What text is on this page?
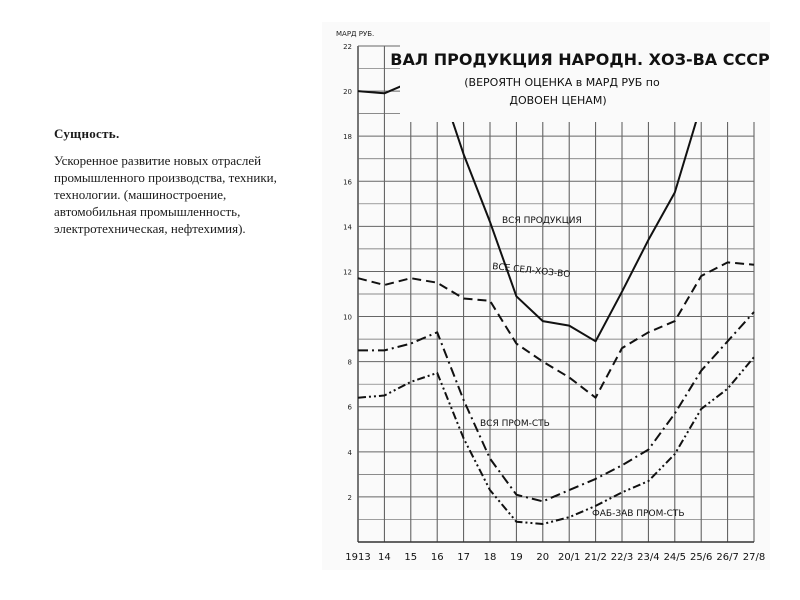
Сущность.

Ускоренное развитие новых отраслей промышленного производства, техники, технологии. (машиностроение, автомобильная промышленность, электротехническая, нефтехимия).

2
4
6
8
10
12
14
16
18
20
22
1913 14 15 16 17 18 19 20 20/1 21/2 22/3 23/4 24/5 25/6 26/7 27/8
МАРД РУБ.
ВАЛ ПРОДУКЦИЯ НАРОДН. ХОЗ-ВА СССР
(ВЕРОЯТН ОЦЕНКА в МАРД РУБ по
ДОВОЕН ЦЕНАМ)
ВСЕ СЕЛ-ХОЗ-ВО
ВСЯ ПРОДУКЦИЯ
ВСЯ ПРОМ-СТЬ
ФАБ-ЗАВ ПРОМ-СТЬ
